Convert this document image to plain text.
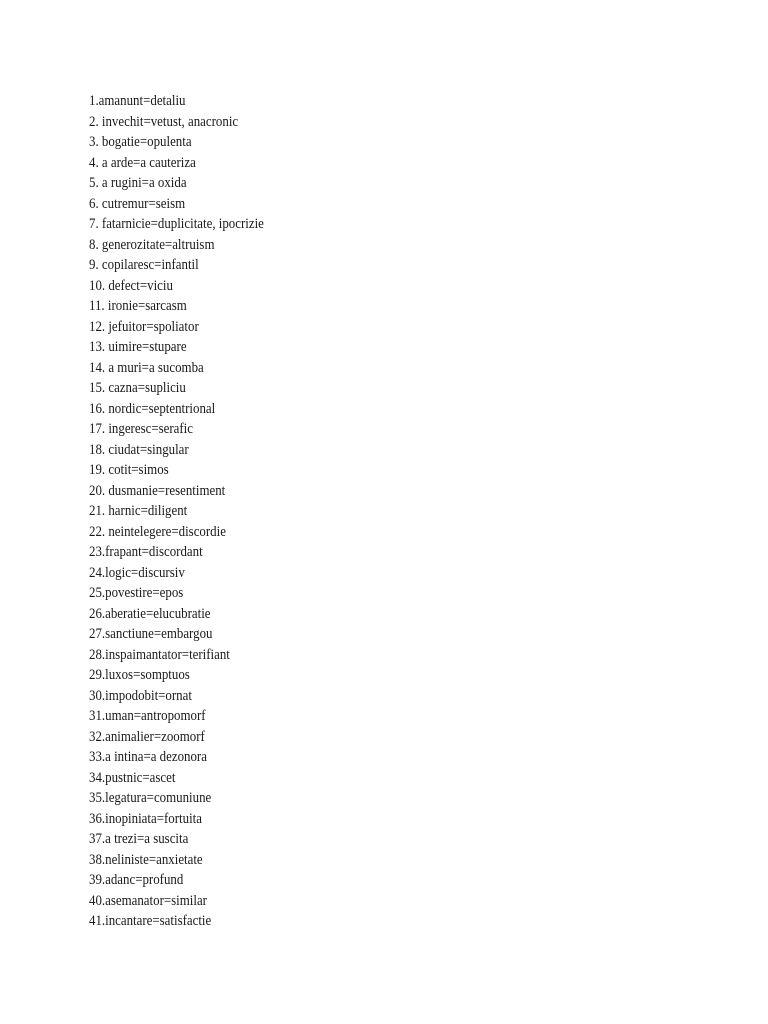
1.amanunt=detaliu
2. invechit=vetust, anacronic
3. bogatie=opulenta
4. a arde=a cauteriza
5. a rugini=a oxida
6. cutremur=seism
7. fatarnicie=duplicitate, ipocrizie
8. generozitate=altruism
9. copilaresc=infantil
10. defect=viciu
11. ironie=sarcasm
12. jefuitor=spoliator
13. uimire=stupare
14. a muri=a sucomba
15. cazna=supliciu
16. nordic=septentrional
17. ingeresc=serafic
18. ciudat=singular
19. cotit=simos
20. dusmanie=resentiment
21. harnic=diligent
22. neintelegere=discordie
23.frapant=discordant
24.logic=discursiv
25.povestire=epos
26.aberatie=elucubratie
27.sanctiune=embargou
28.inspaimantator=terifiant
29.luxos=somptuos
30.impodobit=ornat
31.uman=antropomorf
32.animalier=zoomorf
33.a intina=a dezonora
34.pustnic=ascet
35.legatura=comuniune
36.inopiniata=fortuita
37.a trezi=a suscita
38.neliniste=anxietate
39.adanc=profund
40.asemanator=similar
41.incantare=satisfactie
